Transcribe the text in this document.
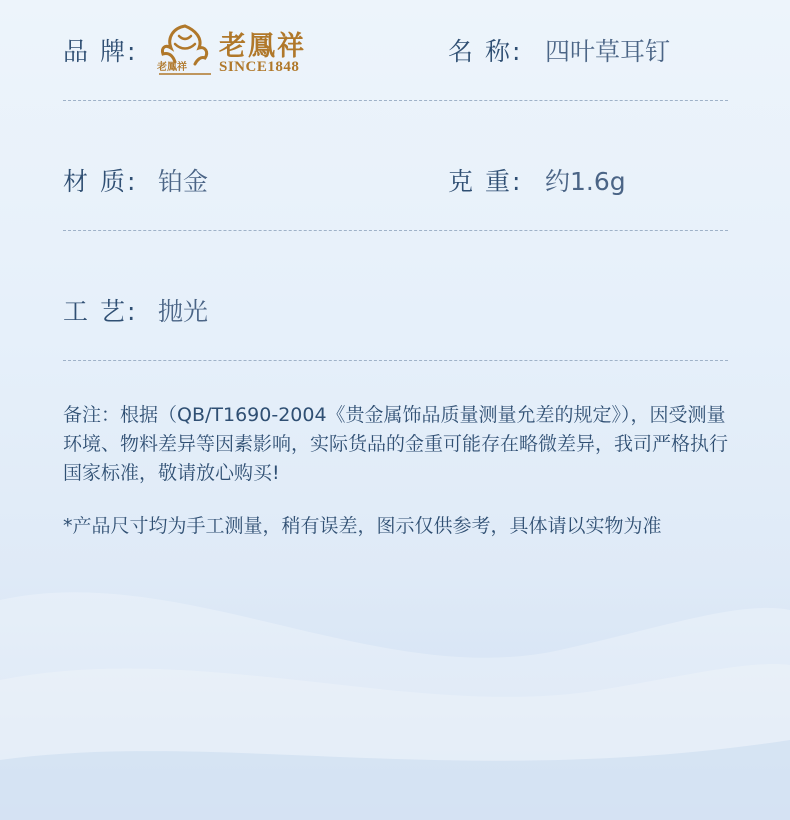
品 牌:	名 称: 四叶草耳钉
老鳳祥
老鳳祥
SINCE1848
材 质: 铂金	克 重: 约1.6g
工 艺: 抛光
备注：根据（QB/T1690-2004《贵金属饰品质量测量允差的规定》），因受测量环境、物料差异等因素影响，实际货品的金重可能存在略微差异，我司严格执行国家标准，敬请放心购买!
*产品尺寸均为手工测量，稍有误差，图示仅供参考，具体请以实物为准
